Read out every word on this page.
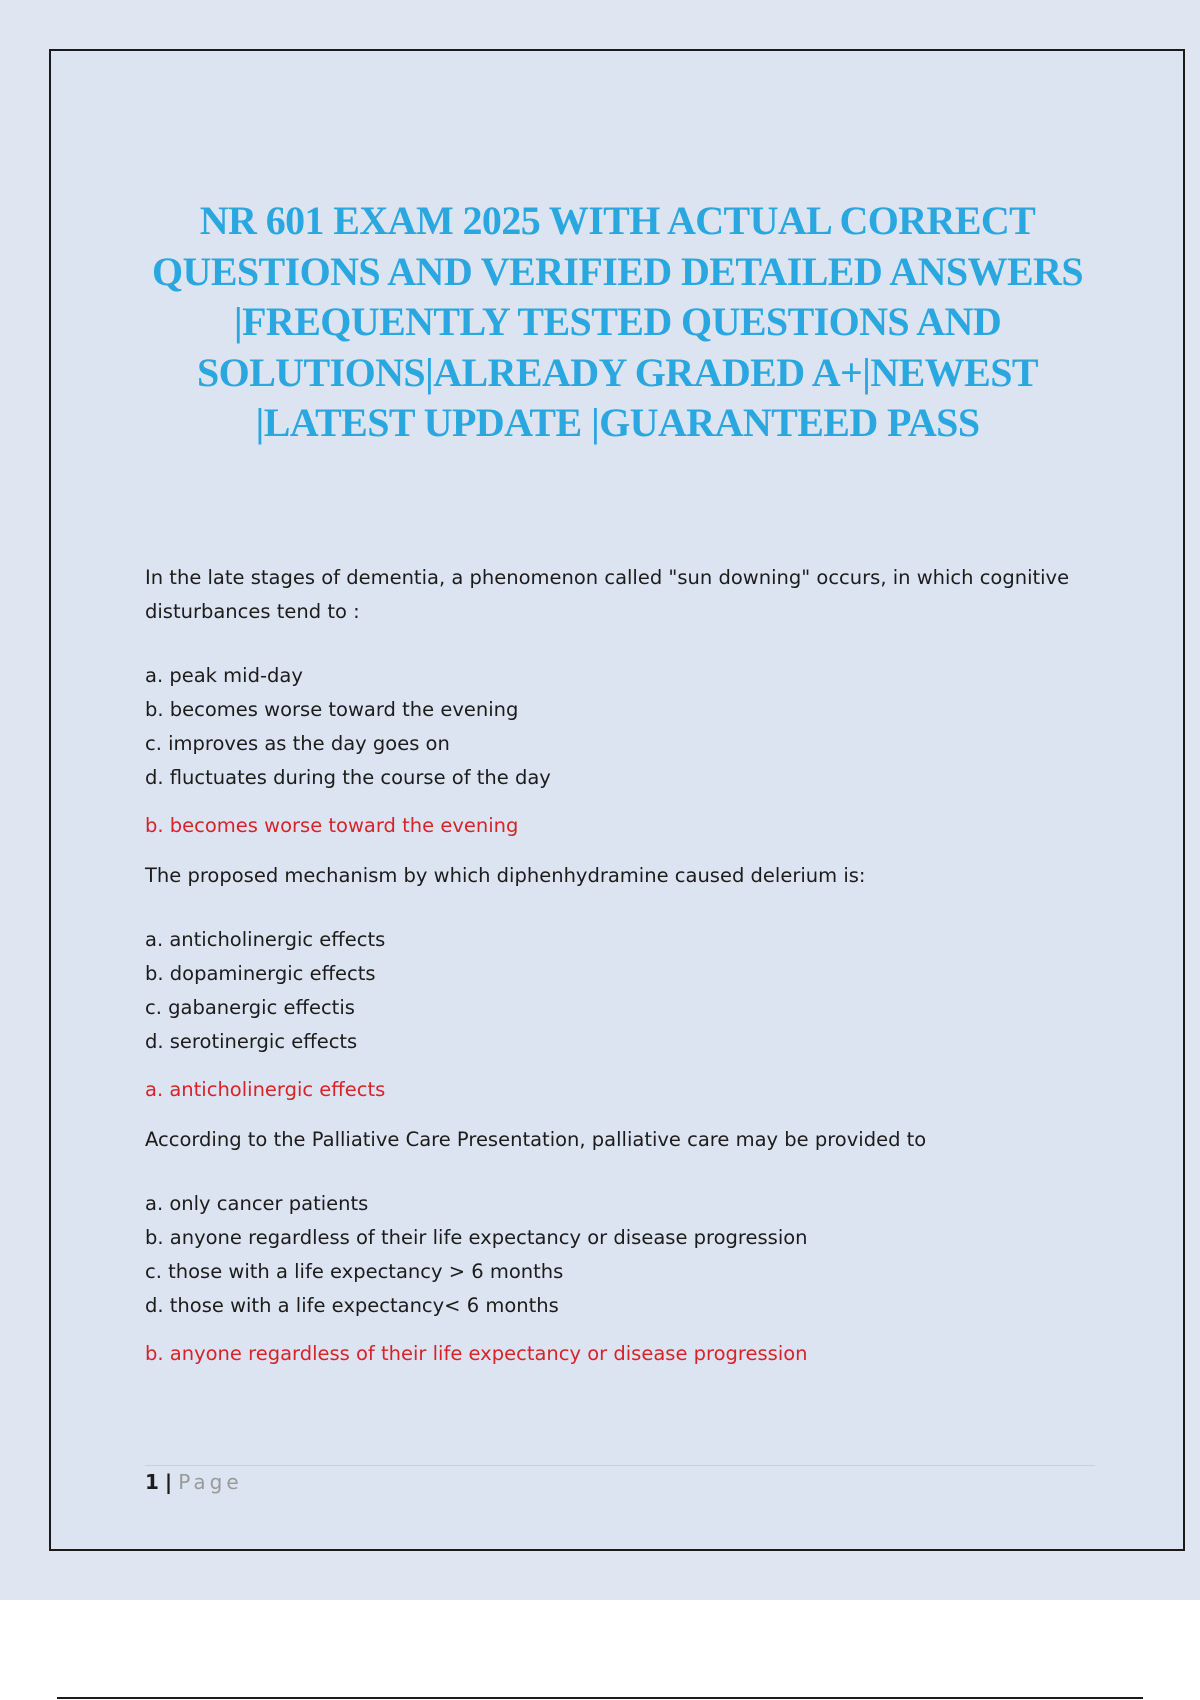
NR 601 EXAM 2025 WITH ACTUAL CORRECT QUESTIONS AND VERIFIED DETAILED ANSWERS |FREQUENTLY TESTED QUESTIONS AND SOLUTIONS|ALREADY GRADED A+|NEWEST |LATEST UPDATE |GUARANTEED PASS

In the late stages of dementia, a phenomenon called "sun downing" occurs, in which cognitive disturbances tend to :

a. peak mid-day
b. becomes worse toward the evening
c. improves as the day goes on
d. fluctuates during the course of the day

b. becomes worse toward the evening

The proposed mechanism by which diphenhydramine caused delerium is:

a. anticholinergic effects
b. dopaminergic effects
c. gabanergic effectis
d. serotinergic effects

a. anticholinergic effects

According to the Palliative Care Presentation, palliative care may be provided to

a. only cancer patients
b. anyone regardless of their life expectancy or disease progression
c. those with a life expectancy > 6 months
d. those with a life expectancy< 6 months

b. anyone regardless of their life expectancy or disease progression

1 | Page
